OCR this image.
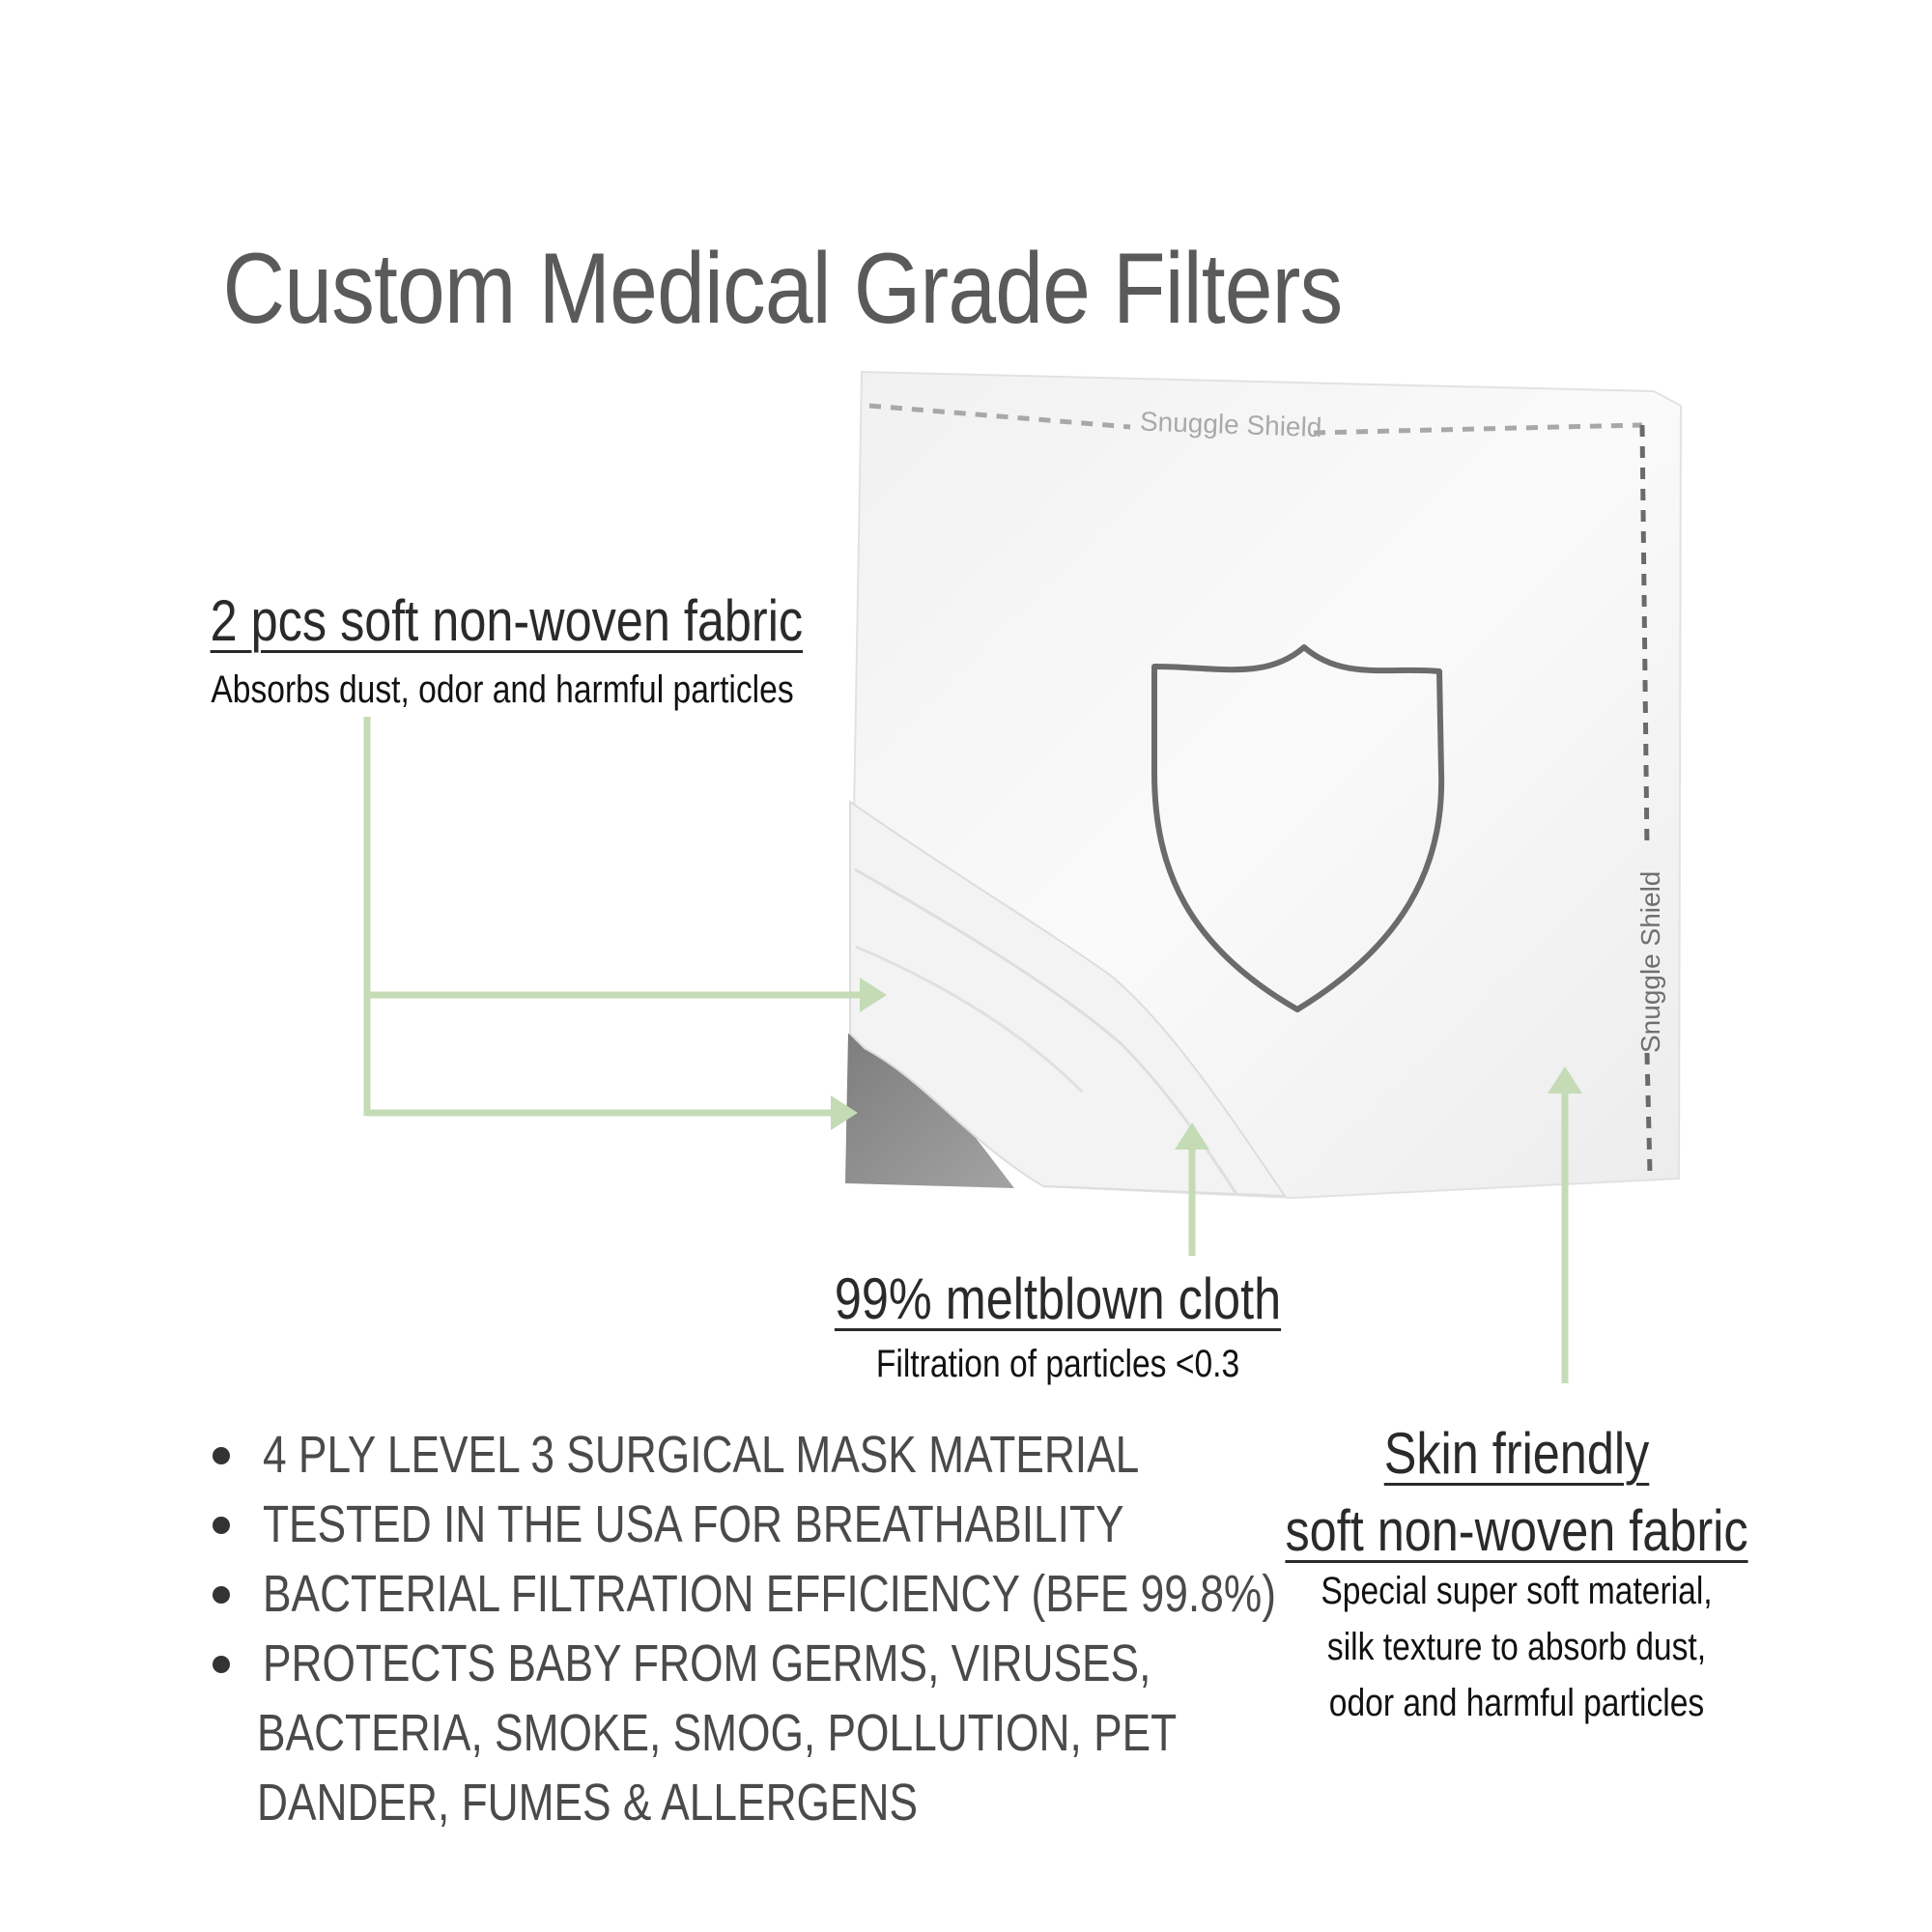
Custom Medical Grade Filters
Snuggle Shield
Snuggle Shield
2 pcs soft non-woven fabric
Absorbs dust, odor and harmful particles
99% meltblown cloth
Filtration of particles <0.3
Skin friendly
soft non-woven fabric
Special super soft material,
silk texture to absorb dust,
odor and harmful particles
4 PLY LEVEL 3 SURGICAL MASK MATERIAL
TESTED IN THE USA FOR BREATHABILITY
BACTERIAL FILTRATION EFFICIENCY (BFE 99.8%)
PROTECTS BABY FROM GERMS, VIRUSES,
BACTERIA, SMOKE, SMOG, POLLUTION, PET
DANDER, FUMES & ALLERGENS
